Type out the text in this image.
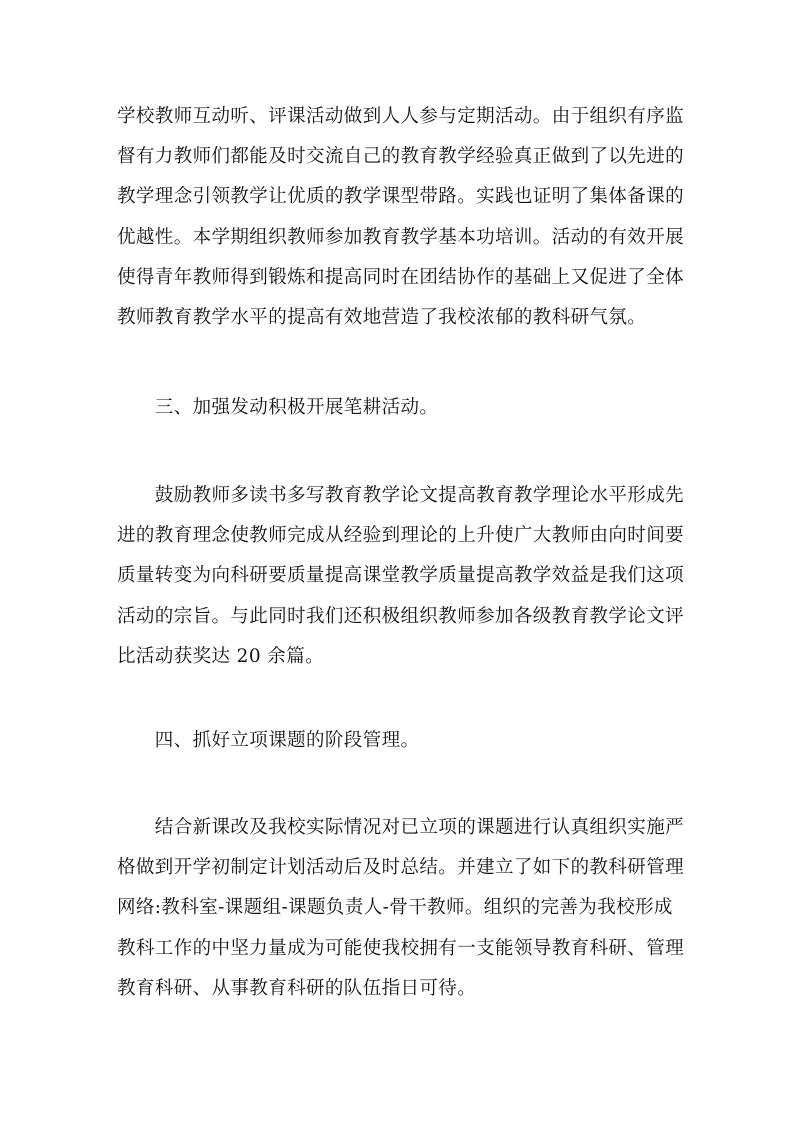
学校教师互动听、评课活动做到人人参与定期活动。由于组织有序监
督有力教师们都能及时交流自己的教育教学经验真正做到了以先进的
教学理念引领教学让优质的教学课型带路。实践也证明了集体备课的
优越性。本学期组织教师参加教育教学基本功培训。活动的有效开展
使得青年教师得到锻炼和提高同时在团结协作的基础上又促进了全体
教师教育教学水平的提高有效地营造了我校浓郁的教科研气氛。
　　三、加强发动积极开展笔耕活动。
　　鼓励教师多读书多写教育教学论文提高教育教学理论水平形成先
进的教育理念使教师完成从经验到理论的上升使广大教师由向时间要
质量转变为向科研要质量提高课堂教学质量提高教学效益是我们这项
活动的宗旨。与此同时我们还积极组织教师参加各级教育教学论文评
比活动获奖达 20 余篇。
　　四、抓好立项课题的阶段管理。
　　结合新课改及我校实际情况对已立项的课题进行认真组织实施严
格做到开学初制定计划活动后及时总结。并建立了如下的教科研管理
网络:教科室-课题组-课题负责人-骨干教师。组织的完善为我校形成
教科工作的中坚力量成为可能使我校拥有一支能领导教育科研、管理
教育科研、从事教育科研的队伍指日可待。
